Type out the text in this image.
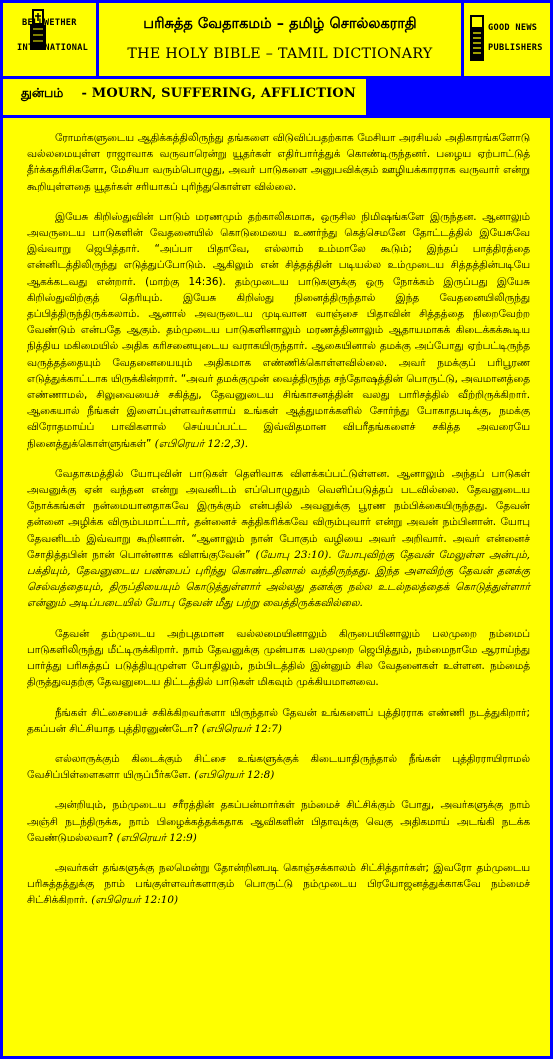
BELLWETHER
INTERNATIONAL
பரிசுத்த வேதாகமம் – தமிழ் சொல்லகராதி
THE HOLY BIBLE – TAMIL DICTIONARY
GOOD NEWS
PUBLISHERS
துன்பம் - MOURN, SUFFERING, AFFLICTION

ரோமர்களுடைய ஆதிக்கத்திலிருந்து தங்களை விடுவிப்பதற்காக மேசியா அரசியல் அதிகாரங்களோடு வல்லமையுள்ள ராஜாவாக வருவாரென்று யூதர்கள் எதிர்பார்த்துக் கொண்டிருந்தனர். பழைய ஏற்பாட்டுத் தீர்க்கதரிசிகளோ, மேசியா வரும்பொழுது, அவர் பாடுகளை அனுபவிக்கும் ஊழியக்காரராக வருவார் என்று கூறியுள்ளதை யூதர்கள் சரியாகப் புரிந்துகொள்ள வில்லை.

இயேசு கிறிஸ்துவின் பாடும் மரணமும் தற்காலிகமாக, ஒருசில நிமிஷங்களே இருந்தன. ஆனாலும் அவருடைய பாடுகளின் வேதனையில் கொடுமையை உணர்ந்து கெத்செமனே தோட்டத்தில் இயேசுவே இவ்வாறு ஜெபித்தார். “அப்பா பிதாவே, எல்லாம் உம்மாலே கூடும்; இந்தப் பாத்திரத்தை என்னிடத்திலிருந்து எடுத்துப்போடும். ஆகிலும் என் சித்தத்தின் படியல்ல உம்முடைய சித்தத்தின்படியே ஆகக்கடவது என்றார். (மாற்கு 14:36). தம்முடைய பாடுகளுக்கு ஒரு நோக்கம் இருப்பது இயேசு கிறிஸ்துவிற்குத் தெரியும். இயேசு கிறிஸ்து நினைத்திருந்தால் இந்த வேதனையிலிருந்து தப்பித்திருந்திருக்கலாம். ஆனால் அவருடைய முடிவான வாஞ்சை பிதாவின் சித்தத்தை நிறைவேற்ற வேண்டும் என்பதே ஆகும். தம்முடைய பாடுகளினாலும் மரணத்தினாலும் ஆதாயமாகக் கிடைக்கக்கூடிய நித்திய மகிமையில் அதிக கரிசனையுடைய வராகயிருந்தார். ஆகையினால் தமக்கு அப்போது ஏற்பட்டிருந்த வருத்தத்தையும் வேதனையையும் அதிகமாக எண்ணிக்கொள்ளவில்லை. அவர் நமக்குப் பரிபூரண எடுத்துக்காட்டாக யிருக்கின்றார். “அவர் தமக்குமுன் வைத்திருந்த சந்தோஷத்தின் பொருட்டு, அவமானத்தை எண்ணாமல், சிலுவையைச் சகித்து, தேவனுடைய சிங்காசனத்தின் வலது பாரிசத்தில் வீற்றிருக்கிறார். ஆகையால் நீங்கள் இளைப்புள்ளவர்களாய் உங்கள் ஆத்துமாக்களில் சோர்ந்து போகாதபடிக்கு, நமக்கு விரோதமாய்ப் பாவிகளால் செய்யப்பட்ட இவ்விதமான விபரீதங்களைச் சகித்த அவரையே நினைத்துக்கொள்ளுங்கள்” (எபிரெயர் 12:2,3).

வேதாகமத்தில் யோபுவின் பாடுகள் தெளிவாக விளக்கப்பட்டுள்ளன. ஆனாலும் அந்தப் பாடுகள் அவனுக்கு ஏன் வந்தன என்று அவனிடம் எப்பொழுதும் வெளிப்படுத்தப் படவில்லை. தேவனுடைய நோக்கங்கள் நன்மையானதாகவே இருக்கும் என்பதில் அவனுக்கு பூரண நம்பிக்கையிருந்தது. தேவன் தன்னை அழிக்க விரும்பமாட்டார், தன்னைச் சுத்திகரிக்கவே விரும்புவார் என்று அவன் நம்பினான். யோபு தேவனிடம் இவ்வாறு கூறினான். “ஆனாலும் நான் போகும் வழியை அவர் அறிவார். அவர் என்னைச் சோதித்தபின் நான் பொன்னாக விளங்குவேன்” (யோபு 23:10). யோபுவிற்கு தேவன் மேலுள்ள அன்பும், பக்தியும், தேவனுடைய பண்பைப் புரிந்து கொண்டதினால் வந்திருந்தது. இந்த அளவிற்கு தேவன் தனக்கு செல்வத்தையும், திருப்தியையும் கொடுத்துள்ளார் அல்லது தனக்கு நல்ல உடல்நலத்தைக் கொடுத்துள்ளார் என்னும் அடிப்படையில் யோபு தேவன் மீது பற்று வைத்திருக்கவில்லை.

தேவன் தம்முடைய அற்புதமான வல்லமையினாலும் கிருபையினாலும் பலமுறை நம்மைப் பாடுகளிலிருந்து மீட்டிருக்கிறார். நாம் தேவனுக்கு முன்பாக பலமுறை ஜெபித்தும், நம்மைநாமே ஆராய்ந்து பார்த்து பரிசுத்தப் படுத்தியுமுள்ள போதிலும், நம்பிடத்தில் இன்னும் சில வேதனைகள் உள்ளன. நம்மைத் திருத்துவதற்கு தேவனுடைய திட்டத்தில் பாடுகள் மிகவும் முக்கியமானவை.

நீங்கள் சிட்சையைச் சகிக்கிறவர்களா யிருந்தால் தேவன் உங்களைப் புத்திரராக எண்ணி நடத்துகிறார்; தகப்பன் சிட்சியாத புத்திரனுண்டோ? (எபிரெயர் 12:7)

எல்லாருக்கும் கிடைக்கும் சிட்சை உங்களுக்குக் கிடையாதிருந்தால் நீங்கள் புத்திரராயிராமல் வேசிப்பிள்ளைகளா யிருப்பீர்களே. (எபிரெயர் 12:8)

அன்றியும், நம்முடைய சரீரத்தின் தகப்பன்மார்கள் நம்மைச் சிட்சிக்கும் போது, அவர்களுக்கு நாம் அஞ்சி நடந்திருக்க, நாம் பிழைக்கத்தக்கதாக ஆவிகளின் பிதாவுக்கு வெகு அதிகமாய் அடங்கி நடக்க வேண்டுமல்லவா? (எபிரெயர் 12:9)

அவர்கள் தங்களுக்கு நலமென்று தோன்றினபடி கொஞ்சக்காலம் சிட்சித்தார்கள்; இவரோ தம்முடைய பரிசுத்தத்துக்கு நாம் பங்குள்ளவர்களாகும் பொருட்டு நம்முடைய பிரயோஜனத்துக்காகவே நம்மைச் சிட்சிக்கிறார். (எபிரெயர் 12:10)
